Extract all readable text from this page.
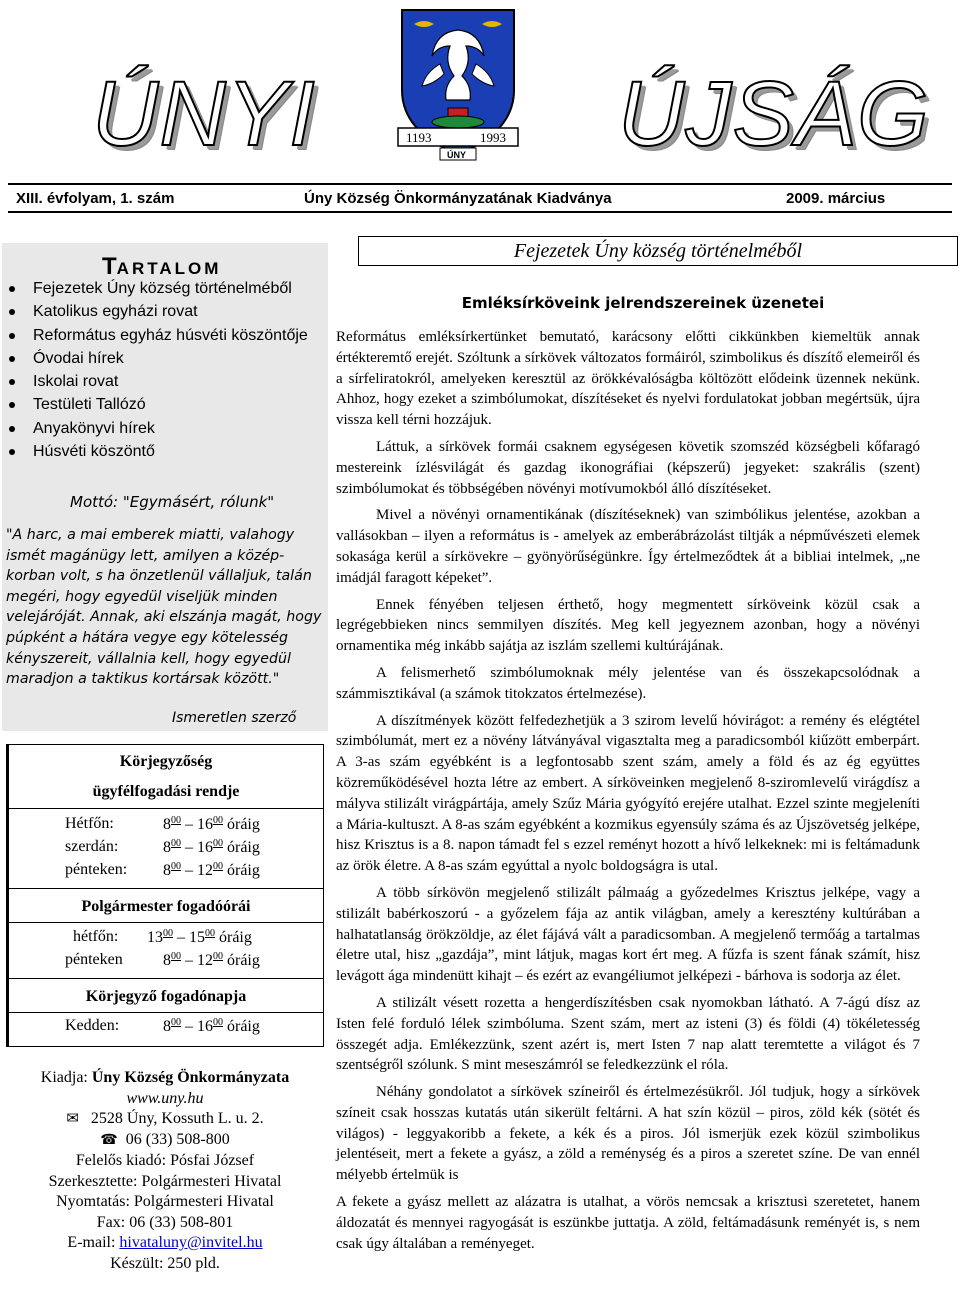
ÚNYI	1193	1993
ÚNY ÚJSÁG
XIII. évfolyam, 1. szám	Úny Község Önkormányzatának Kiadványa	2009. március
TARTALOM
Fejezetek Úny község történelméből
Katolikus egyházi rovat
Református egyház húsvéti köszöntője
Óvodai hírek
Iskolai rovat
Testületi Tallózó
Anyakönyvi hírek
Húsvéti köszöntő
Mottó: "Egymásért, rólunk"
"A harc, a mai emberek miatti, valahogy ismét magánügy lett, amilyen a közép-korban volt, s ha önzetlenül vállaljuk, talán megéri, hogy egyedül viseljük minden velejáróját. Annak, aki elszánja magát, hogy púpként a hátára vegye egy kötelesség kényszereit, vállalnia kell, hogy egyedül maradjon a taktikus kortársak között."
Ismeretlen szerző
Körjegyzőség
ügyfélfogadási rendje
Hétfőn:	$8^{00} - 16^{00}$ óráig
szerdán:	$8^{00} - 16^{00}$ óráig
pénteken: $8^{00} - 12^{00}$ óráig
Polgármester fogadóórái
hétfőn: $13^{00} - 15^{00}$ óráig
pénteken	$8^{00} - 12^{00}$ óráig
Körjegyző fogadónapja
Kedden:	$8^{00} - 16^{00}$ óráig
Kiadja: Úny Község Önkormányzata
www.uny.hu
✉ 2528 Úny, Kossuth L. u. 2.
☎ 06 (33) 508-800
Felelős kiadó: Pósfai József
Szerkesztette: Polgármesteri Hivatal
Nyomtatás: Polgármesteri Hivatal
Fax: 06 (33) 508-801
E-mail: hivataluny@invitel.hu
Készült: 250 pld.
Fejezetek Úny község történelméből
Emléksírköveink jelrendszereinek üzenetei

Református emléksírkertünket bemutató, karácsony előtti cikkünkben kiemeltük annak értékteremtő erejét. Szóltunk a sírkövek változatos formáiról, szimbolikus és díszítő elemeiről és a sírfeliratokról, amelyeken keresztül az örökkévalóságba költözött elődeink üzennek nekünk. Ahhoz, hogy ezeket a szimbólumokat, díszítéseket és nyelvi fordulatokat jobban megértsük, újra vissza kell térni hozzájuk.

Láttuk, a sírkövek formái csaknem egységesen követik szomszéd községbeli kőfaragó mestereink ízlésvilágát és gazdag ikonográfiai (képszerű) jegyeket: szakrális (szent) szimbólumokat és többségében növényi motívumokból álló díszítéseket.

Mivel a növényi ornamentikának (díszítéseknek) van szimbólikus jelentése, azokban a vallásokban – ilyen a református is - amelyek az emberábrázolást tiltják a népművészeti elemek sokasága kerül a sírkövekre – gyönyörűségünkre. Így értelmeződtek át a bibliai intelmek, „ne imádjál faragott képeket”.

Ennek fényében teljesen érthető, hogy megmentett sírköveink közül csak a legrégebbieken nincs semmilyen díszítés. Meg kell jegyeznem azonban, hogy a növényi ornamentika még inkább sajátja az iszlám szellemi kultúrájának.

A felismerhető szimbólumoknak mély jelentése van és összekapcsolódnak a számmisztikával (a számok titokzatos értelmezése).

A díszítmények között felfedezhetjük a 3 szirom levelű hóvirágot: a remény és elégtétel szimbólumát, mert ez a növény látványával vigasztalta meg a paradicsomból kiűzött emberpárt. A 3-as szám egyébként is a legfontosabb szent szám, amely a föld és az ég együttes közreműködésével hozta létre az embert. A sírköveinken megjelenő 8-sziromlevelű virágdísz a mályva stilizált virágpártája, amely Szűz Mária gyógyító erejére utalhat. Ezzel szinte megjeleníti a Mária-kultuszt. A 8-as szám egyébként a kozmikus egyensúly száma és az Újszövetség jelképe, hisz Krisztus is a 8. napon támadt fel s ezzel reményt hozott a hívő lelkeknek: mi is feltámadunk az örök életre. A 8-as szám egyúttal a nyolc boldogságra is utal.

A több sírkövön megjelenő stilizált pálmaág a győzedelmes Krisztus jelképe, vagy a stilizált babérkoszorú - a győzelem fája az antik világban, amely a keresztény kultúrában a halhatatlanság örökzöldje, az élet fájává vált a paradicsomban. A megjelenő termőág a tartalmas életre utal, hisz „gazdája”, mint látjuk, magas kort ért meg. A fűzfa is szent fának számít, hisz levágott ága mindenütt kihajt – és ezért az evangéliumot jelképezi - bárhova is sodorja az élet.

A stilizált vésett rozetta a hengerdíszítésben csak nyomokban látható. A 7-ágú dísz az Isten felé forduló lélek szimbóluma. Szent szám, mert az isteni (3) és földi (4) tökéletesség összegét adja. Emlékezzünk, szent azért is, mert Isten 7 nap alatt teremtette a világot és 7 szentségről szólunk. S mint meseszámról se feledkezzünk el róla.

Néhány gondolatot a sírkövek színeiről és értelmezésükről. Jól tudjuk, hogy a sírkövek színeit csak hosszas kutatás után sikerült feltárni. A hat szín közül – piros, zöld kék (sötét és világos) - leggyakoribb a fekete, a kék és a piros. Jól ismerjük ezek közül szimbolikus jelentéseit, mert a fekete a gyász, a zöld a reménység és a piros a szeretet színe. De van ennél mélyebb értelmük is

A fekete a gyász mellett az alázatra is utalhat, a vörös nemcsak a krisztusi szeretetet, hanem áldozatát és mennyei ragyogását is eszünkbe juttatja. A zöld, feltámadásunk reményét is, s nem csak úgy általában a reményeget.
